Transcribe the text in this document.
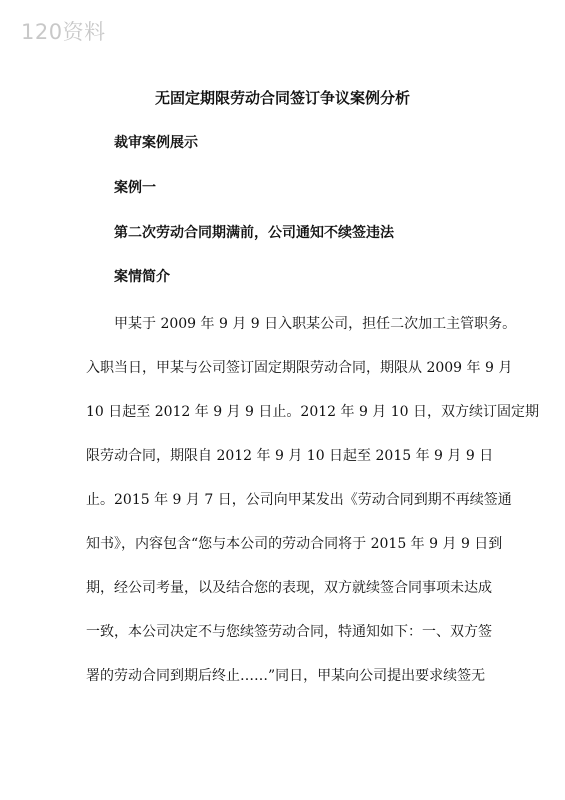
120资料
无固定期限劳动合同签订争议案例分析
裁审案例展示
案例一
第二次劳动合同期满前，公司通知不续签违法
案情简介
甲某于 2009 年 9 月 9 日入职某公司，担任二次加工主管职务。
入职当日，甲某与公司签订固定期限劳动合同，期限从 2009 年 9 月
10 日起至 2012 年 9 月 9 日止。2012 年 9 月 10 日，双方续订固定期
限劳动合同，期限自 2012 年 9 月 10 日起至 2015 年 9 月 9 日
止。2015 年 9 月 7 日，公司向甲某发出《劳动合同到期不再续签通
知书》，内容包含“您与本公司的劳动合同将于 2015 年 9 月 9 日到
期，经公司考量，以及结合您的表现，双方就续签合同事项未达成
一致，本公司决定不与您续签劳动合同，特通知如下：一、双方签
署的劳动合同到期后终止……”同日，甲某向公司提出要求续签无
